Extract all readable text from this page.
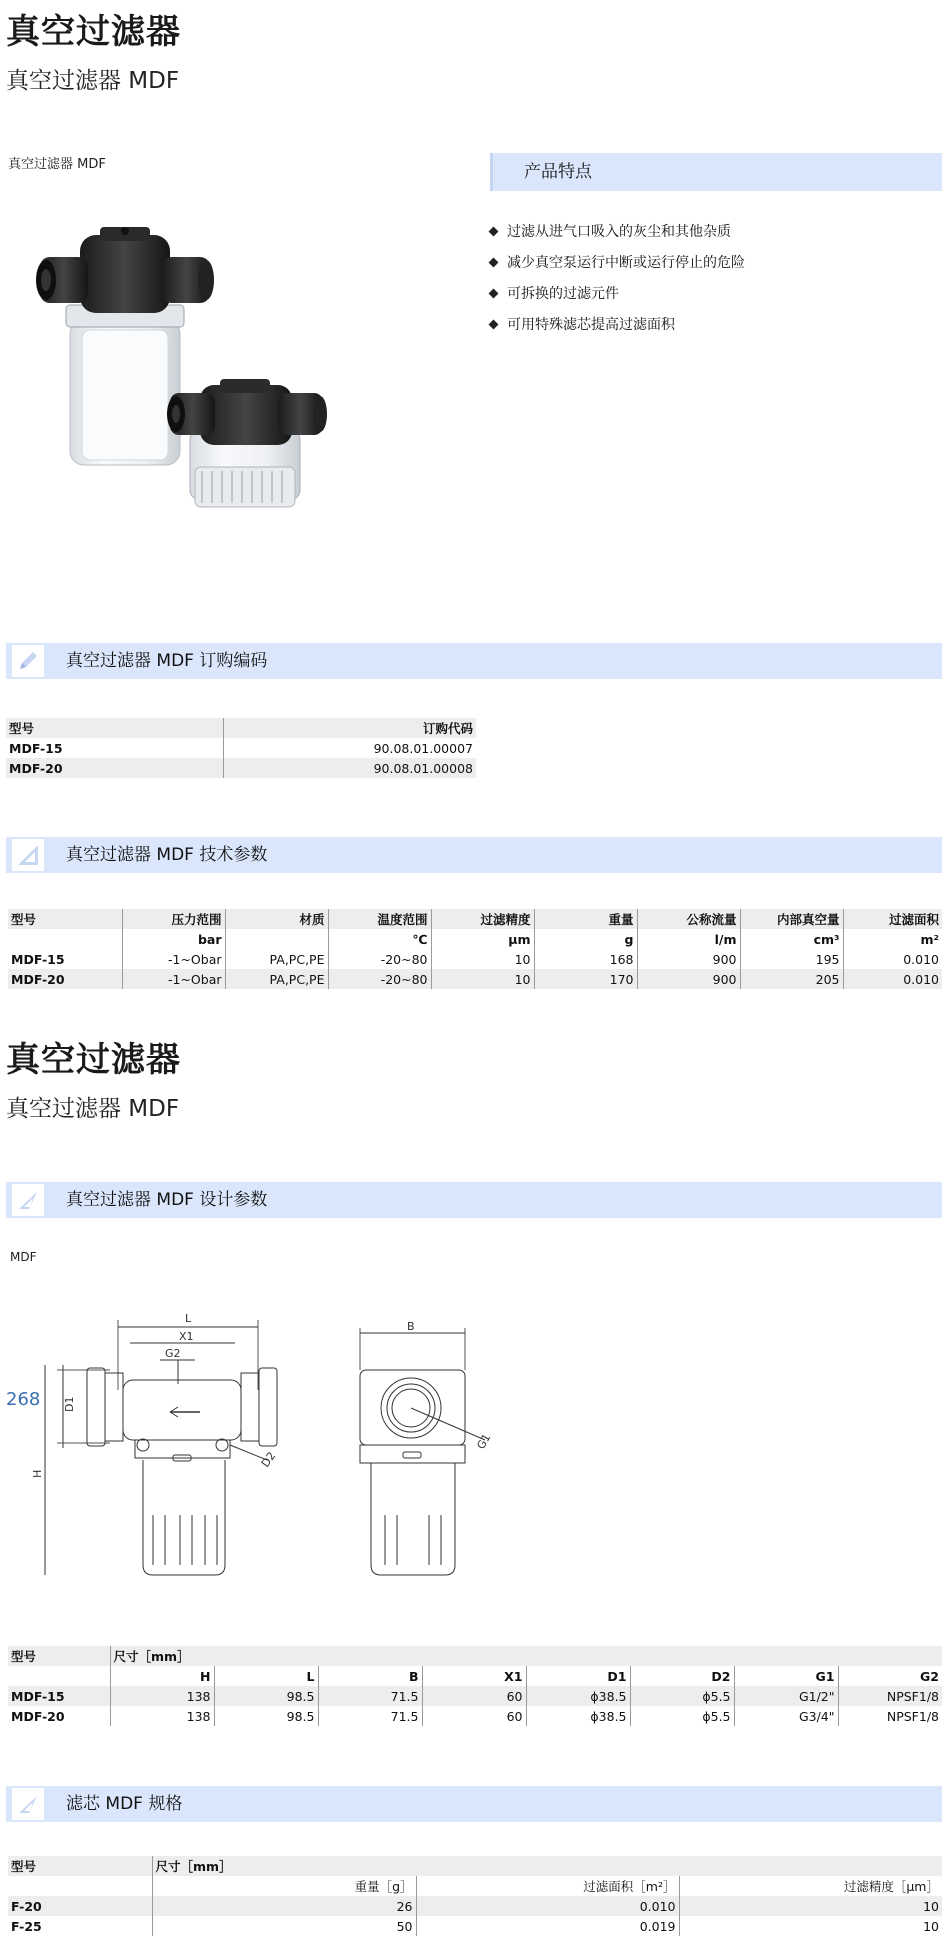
真空过滤器
真空过滤器 MDF
真空过滤器 MDF	产品特点
过滤从进气口吸入的灰尘和其他杂质
减少真空泵运行中断或运行停止的危险
可拆换的过滤元件
可用特殊滤芯提高过滤面积
真空过滤器 MDF 订购编码
型号	订购代码
MDF-15	90.08.01.00007
MDF-20	90.08.01.00008
真空过滤器 MDF 技术参数
型号	压力范围	材质	温度范围	过滤精度	重量	公称流量	内部真空量	过滤面积
	bar		℃	μm	g	l/m	cm³	m²
MDF-15	-1~Obar	PA,PC,PE	-20~80	10	168	900	195	0.010
MDF-20	-1~Obar	PA,PC,PE	-20~80	10	170	900	205	0.010
真空过滤器
真空过滤器 MDF
真空过滤器 MDF 设计参数
MDF
268
L
X1
G2
D1
H
D2
B
G1
型号	尺寸［mm］							
	H	L	B	X1	D1	D2	G1	G2
MDF-15	138	98.5	71.5	60	ϕ38.5	ϕ5.5	G1/2"	NPSF1/8
MDF-20	138	98.5	71.5	60	ϕ38.5	ϕ5.5	G3/4"	NPSF1/8
滤芯 MDF 规格
型号	尺寸［mm］		
	重量［g］	过滤面积［m²］	过滤精度［μm］
F-20	26	0.010	10
F-25	50	0.019	10
